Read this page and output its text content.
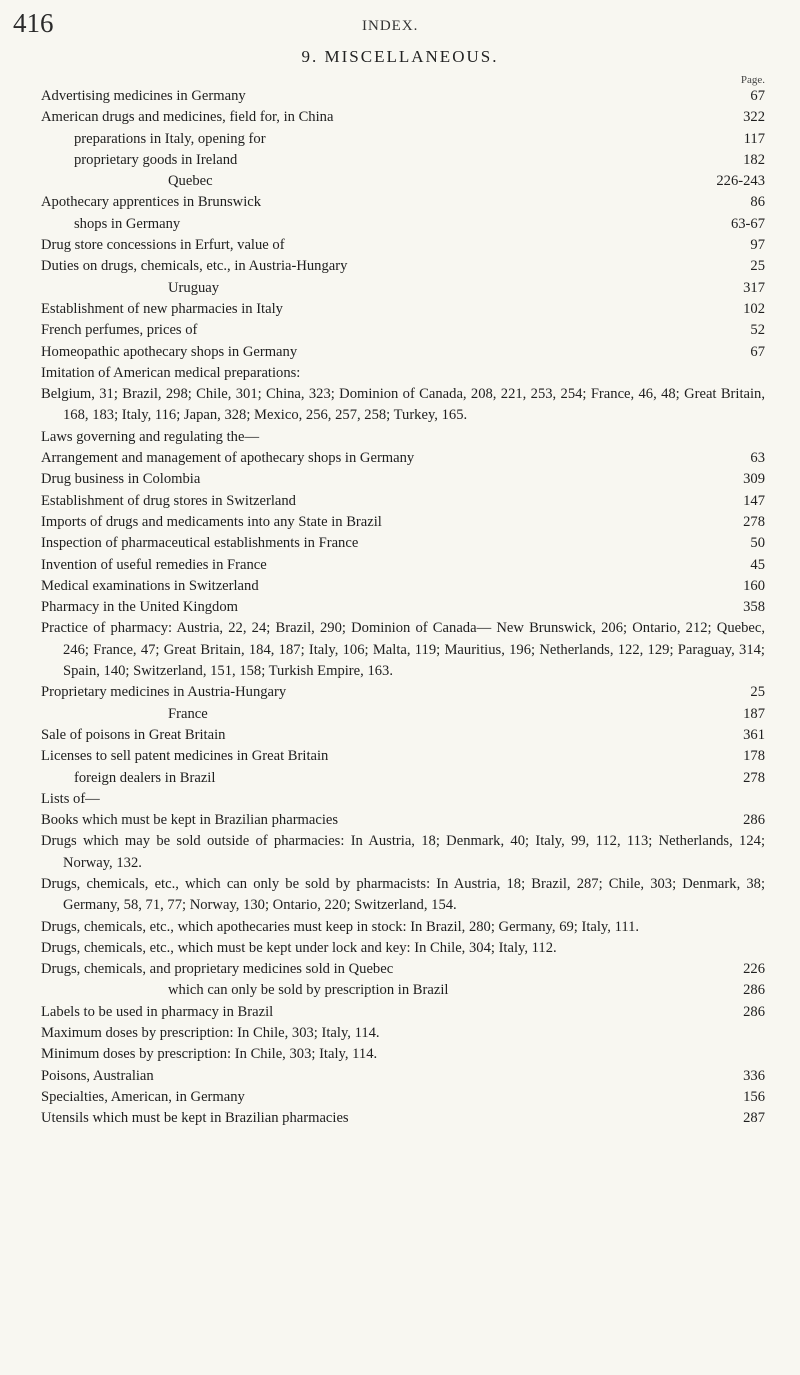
416	INDEX.
9. MISCELLANEOUS.
Page.
Advertising medicines in Germany .....	67
American drugs and medicines, field for, in China .....	322
preparations in Italy, opening for .....	117
proprietary goods in Ireland .....	182
Quebec .....	226-243
Apothecary apprentices in Brunswick .....	86
shops in Germany .....	63-67
Drug store concessions in Erfurt, value of .....	97
Duties on drugs, chemicals, etc., in Austria-Hungary .....	25
Uruguay .....	317
Establishment of new pharmacies in Italy .....	102
French perfumes, prices of .....	52
Homeopathic apothecary shops in Germany .....	67
Imitation of American medical preparations:
Belgium, 31; Brazil, 298; Chile, 301; China, 323; Dominion of Canada, 208, 221, 253, 254; France, 46, 48; Great Britain, 168, 183; Italy, 116; Japan, 328; Mexico, 256, 257, 258; Turkey, 165.
Laws governing and regulating the—
Arrangement and management of apothecary shops in Germany .....	63
Drug business in Colombia .....	309
Establishment of drug stores in Switzerland .....	147
Imports of drugs and medicaments into any State in Brazil .....	278
Inspection of pharmaceutical establishments in France .....	50
Invention of useful remedies in France .....	45
Medical examinations in Switzerland .....	160
Pharmacy in the United Kingdom .....	358
Practice of pharmacy: Austria, 22, 24; Brazil, 290; Dominion of Canada— New Brunswick, 206; Ontario, 212; Quebec, 246; France, 47; Great Britain, 184, 187; Italy, 106; Malta, 119; Mauritius, 196; Netherlands, 122, 129; Paraguay, 314; Spain, 140; Switzerland, 151, 158; Turkish Empire, 163.
Proprietary medicines in Austria-Hungary .....	25
France .....	187
Sale of poisons in Great Britain .....	361
Licenses to sell patent medicines in Great Britain .....	178
foreign dealers in Brazil .....	278
Lists of—
Books which must be kept in Brazilian pharmacies .....	286
Drugs which may be sold outside of pharmacies: In Austria, 18; Denmark, 40; Italy, 99, 112, 113; Netherlands, 124; Norway, 132.
Drugs, chemicals, etc., which can only be sold by pharmacists: In Austria, 18; Brazil, 287; Chile, 303; Denmark, 38; Germany, 58, 71, 77; Norway, 130; Ontario, 220; Switzerland, 154.
Drugs, chemicals, etc., which apothecaries must keep in stock: In Brazil, 280; Germany, 69; Italy, 111.
Drugs, chemicals, etc., which must be kept under lock and key: In Chile, 304; Italy, 112.
Drugs, chemicals, and proprietary medicines sold in Quebec .....	226
which can only be sold by prescription in Brazil .....	286
Labels to be used in pharmacy in Brazil .....	286
Maximum doses by prescription: In Chile, 303; Italy, 114.
Minimum doses by prescription: In Chile, 303; Italy, 114.
Poisons, Australian .....	336
Specialties, American, in Germany .....	156
Utensils which must be kept in Brazilian pharmacies .....	287
